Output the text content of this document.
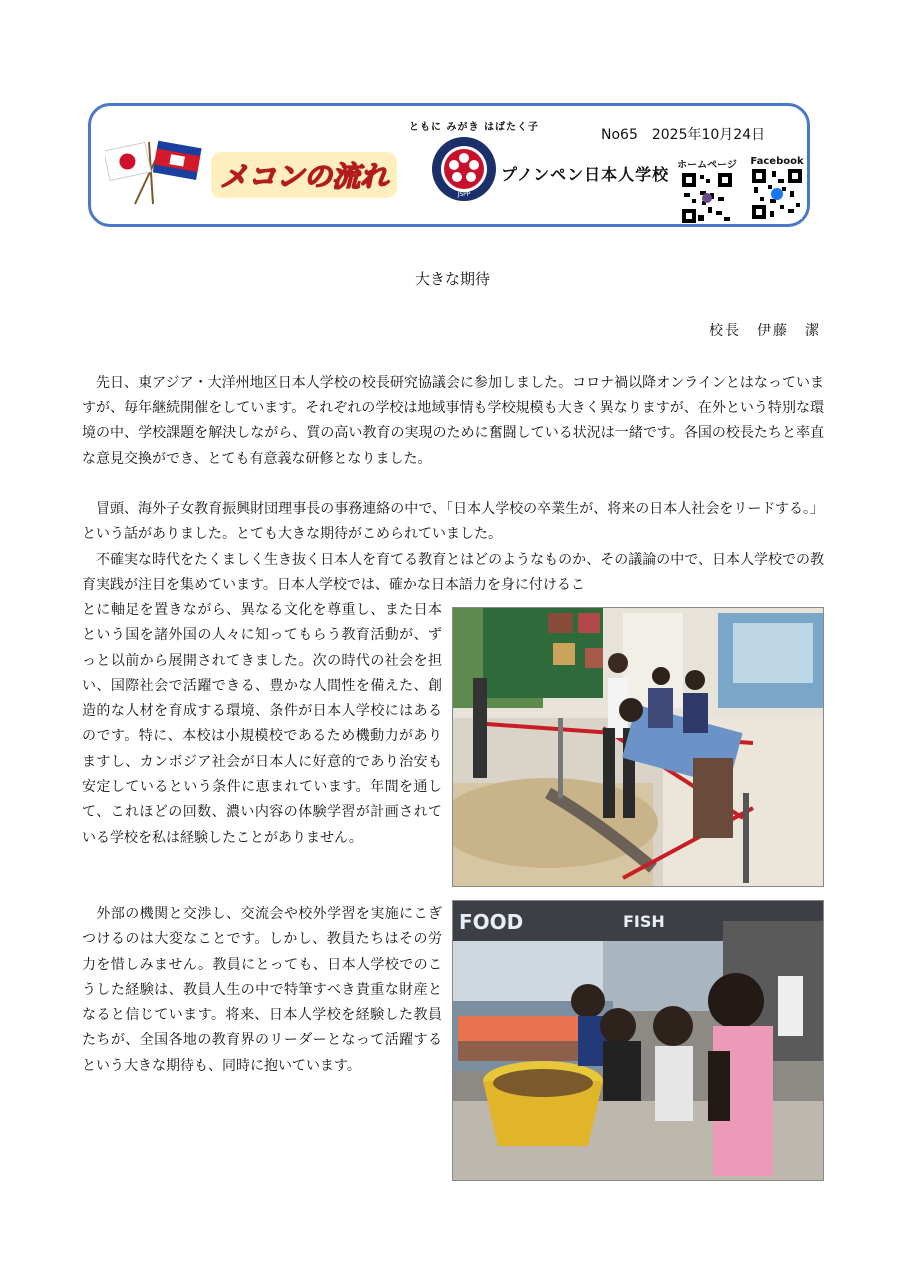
メコンの流れ
ともに みがき はばたく子
JSPP
プノンペン日本人学校
No65　2025年10月24日
ホームページ	Facebook
大きな期待
校長　伊藤　潔

　先日、東アジア・大洋州地区日本人学校の校長研究協議会に参加しました。コロナ禍以降オンラインとはなっていますが、毎年継続開催をしています。それぞれの学校は地域事情も学校規模も大きく異なりますが、在外という特別な環境の中、学校課題を解決しながら、質の高い教育の実現のために奮闘している状況は一緒です。各国の校長たちと率直な意見交換ができ、とても有意義な研修となりました。

　冒頭、海外子女教育振興財団理事長の事務連絡の中で、「日本人学校の卒業生が、将来の日本人社会をリードする。」という話がありました。とても大きな期待がこめられていました。

　不確実な時代をたくましく生き抜く日本人を育てる教育とはどのようなものか、その議論の中で、日本人学校での教育実践が注目を集めています。日本人学校では、確かな日本語力を身に付けるこ

とに軸足を置きながら、異なる文化を尊重し、また日本という国を諸外国の人々に知ってもらう教育活動が、ずっと以前から展開されてきました。次の時代の社会を担い、国際社会で活躍できる、豊かな人間性を備えた、創造的な人材を育成する環境、条件が日本人学校にはあるのです。特に、本校は小規模校であるため機動力がありますし、カンボジア社会が日本人に好意的であり治安も安定しているという条件に恵まれています。年間を通して、これほどの回数、濃い内容の体験学習が計画されている学校を私は経験したことがありません。

　外部の機関と交渉し、交流会や校外学習を実施にこぎつけるのは大変なことです。しかし、教員たちはその労力を惜しみません。教員にとっても、日本人学校でのこうした経験は、教員人生の中で特筆すべき貴重な財産となると信じています。将来、日本人学校を経験した教員たちが、全国各地の教育界のリーダーとなって活躍するという大きな期待も、同時に抱いています。

FOOD	FISH
